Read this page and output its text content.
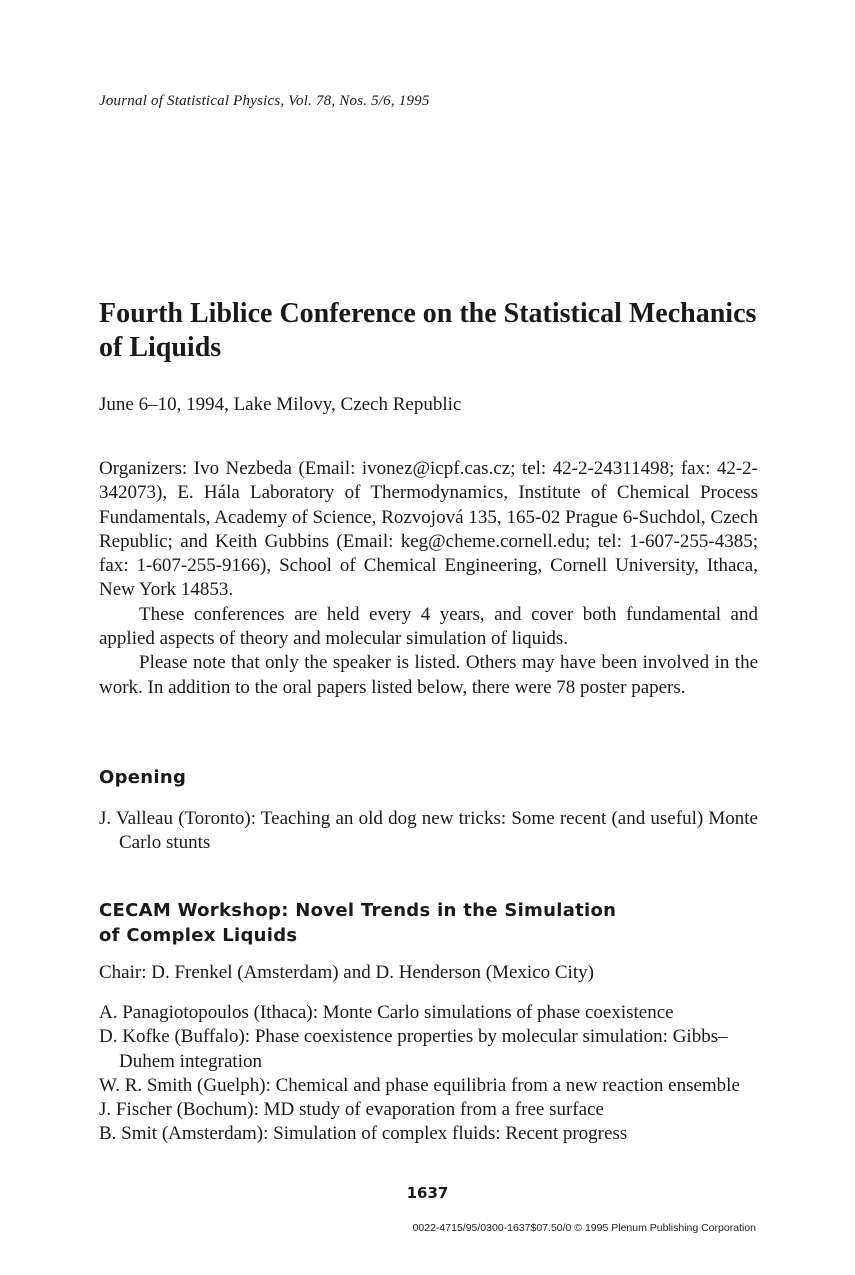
Journal of Statistical Physics, Vol. 78, Nos. 5/6, 1995
Fourth Liblice Conference on the Statistical Mechanics of Liquids
June 6–10, 1994, Lake Milovy, Czech Republic

Organizers: Ivo Nezbeda (Email: ivonez@icpf.cas.cz; tel: 42-2-24311498; fax: 42-2-342073), E. Hála Laboratory of Thermodynamics, Institute of Chemical Process Fundamentals, Academy of Science, Rozvojová 135, 165-02 Prague 6-Suchdol, Czech Republic; and Keith Gubbins (Email: keg@cheme.cornell.edu; tel: 1-607-255-4385; fax: 1-607-255-9166), School of Chemical Engineering, Cornell University, Ithaca, New York 14853.

These conferences are held every 4 years, and cover both fundamental and applied aspects of theory and molecular simulation of liquids.

Please note that only the speaker is listed. Others may have been involved in the work. In addition to the oral papers listed below, there were 78 poster papers.

Opening

J. Valleau (Toronto): Teaching an old dog new tricks: Some recent (and useful) Monte Carlo stunts

CECAM Workshop: Novel Trends in the Simulation
of Complex Liquids
Chair: D. Frenkel (Amsterdam) and D. Henderson (Mexico City)

A. Panagiotopoulos (Ithaca): Monte Carlo simulations of phase coexistence

D. Kofke (Buffalo): Phase coexistence properties by molecular simulation: Gibbs–Duhem integration

W. R. Smith (Guelph): Chemical and phase equilibria from a new reaction ensemble

J. Fischer (Bochum): MD study of evaporation from a free surface

B. Smit (Amsterdam): Simulation of complex fluids: Recent progress

1637
0022-4715/95/0300-1637$07.50/0 © 1995 Plenum Publishing Corporation
